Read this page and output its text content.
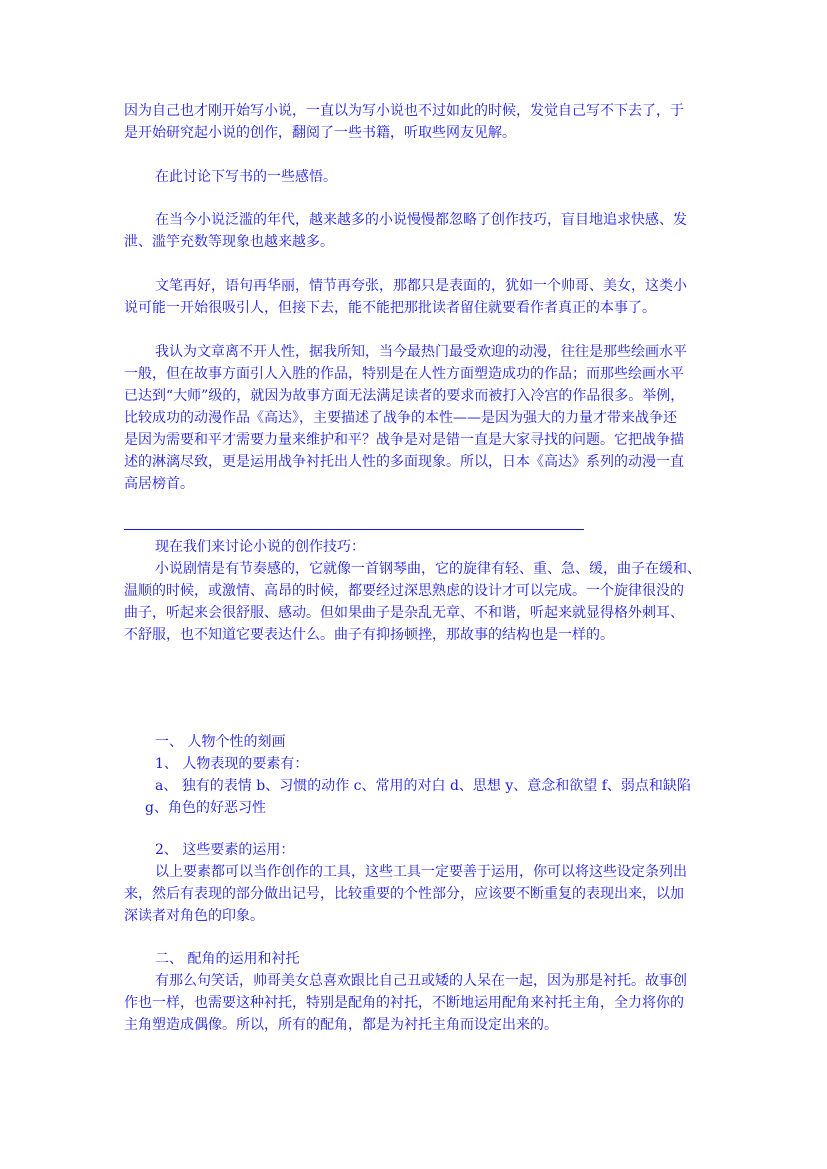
因为自己也才刚开始写小说，一直以为写小说也不过如此的时候，发觉自己写不下去了，于
是开始研究起小说的创作，翻阅了一些书籍，听取些网友见解。
在此讨论下写书的一些感悟。
在当今小说泛滥的年代，越来越多的小说慢慢都忽略了创作技巧，盲目地追求快感、发
泄、滥竽充数等现象也越来越多。
文笔再好，语句再华丽，情节再夸张，那都只是表面的，犹如一个帅哥、美女，这类小
说可能一开始很吸引人，但接下去，能不能把那批读者留住就要看作者真正的本事了。
我认为文章离不开人性，据我所知，当今最热门最受欢迎的动漫，往往是那些绘画水平
一般，但在故事方面引人入胜的作品，特别是在人性方面塑造成功的作品；而那些绘画水平
已达到“大师”级的，就因为故事方面无法满足读者的要求而被打入冷宫的作品很多。举例，
比较成功的动漫作品《高达》，主要描述了战争的本性——是因为强大的力量才带来战争还
是因为需要和平才需要力量来维护和平？战争是对是错一直是大家寻找的问题。它把战争描
述的淋漓尽致，更是运用战争衬托出人性的多面现象。所以，日本《高达》系列的动漫一直
高居榜首。
现在我们来讨论小说的创作技巧：
小说剧情是有节奏感的，它就像一首钢琴曲，它的旋律有轻、重、急、缓，曲子在缓和、
温顺的时候，或激情、高昂的时候，都要经过深思熟虑的设计才可以完成。一个旋律很没的
曲子，听起来会很舒服、感动。但如果曲子是杂乱无章、不和谐，听起来就显得格外刺耳、
不舒服，也不知道它要表达什么。曲子有抑扬顿挫，那故事的结构也是一样的。
一、 人物个性的刻画
1、 人物表现的要素有：
a、 独有的表情 b、习惯的动作 c、常用的对白 d、思想 y、意念和欲望 f、弱点和缺陷
g、角色的好恶习性
2、 这些要素的运用：
以上要素都可以当作创作的工具，这些工具一定要善于运用，你可以将这些设定条列出
来，然后有表现的部分做出记号，比较重要的个性部分，应该要不断重复的表现出来，以加
深读者对角色的印象。
二、 配角的运用和衬托
有那么句笑话，帅哥美女总喜欢跟比自己丑或矮的人呆在一起，因为那是衬托。故事创
作也一样，也需要这种衬托，特别是配角的衬托，不断地运用配角来衬托主角，全力将你的
主角塑造成偶像。所以，所有的配角，都是为衬托主角而设定出来的。
